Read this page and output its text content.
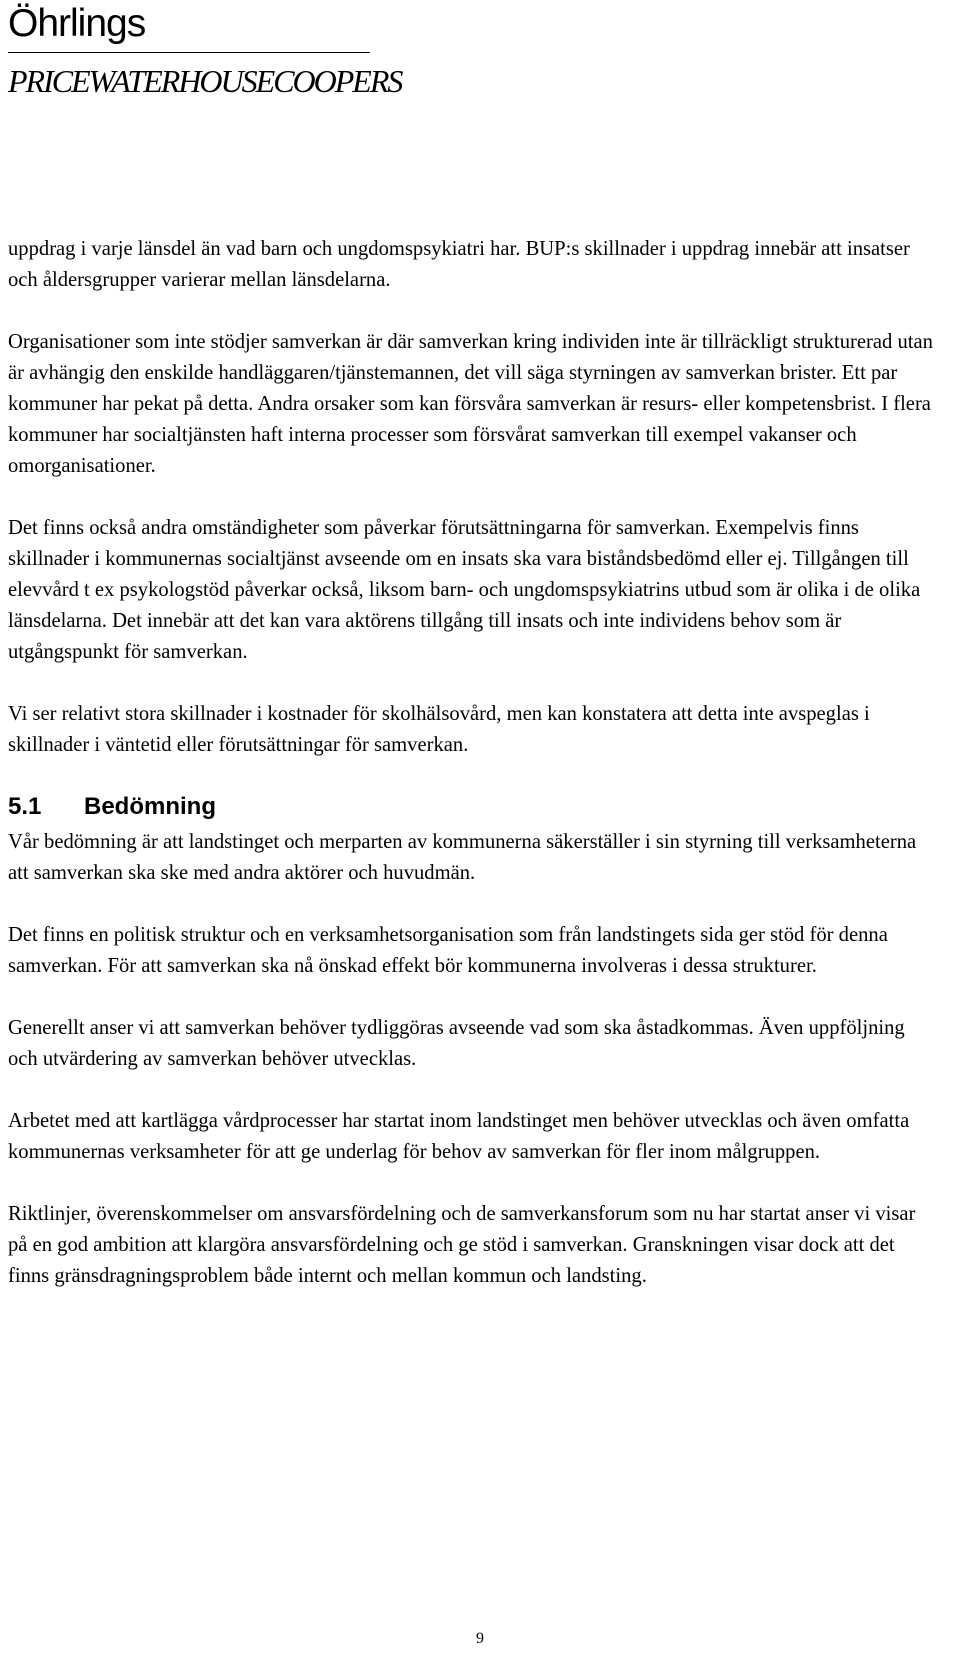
Öhrlings
PRICEWATERHOUSECOOPERS

uppdrag i varje länsdel än vad barn och ungdomspsykiatri har. BUP:s skillnader i uppdrag innebär att insatser och åldersgrupper varierar mellan länsdelarna.

Organisationer som inte stödjer samverkan är där samverkan kring individen inte är tillräckligt strukturerad utan är avhängig den enskilde handläggaren/tjänstemannen, det vill säga styrningen av samverkan brister. Ett par kommuner har pekat på detta. Andra orsaker som kan försvåra samverkan är resurs- eller kompetensbrist. I flera kommuner har socialtjänsten haft interna processer som försvårat samverkan till exempel vakanser och omorganisationer.

Det finns också andra omständigheter som påverkar förutsättningarna för samverkan. Exempelvis finns skillnader i kommunernas socialtjänst avseende om en insats ska vara biståndsbedömd eller ej. Tillgången till elevvård t ex psykologstöd påverkar också, liksom barn- och ungdomspsykiatrins utbud som är olika i de olika länsdelarna. Det innebär att det kan vara aktörens tillgång till insats och inte individens behov som är utgångspunkt för samverkan.

Vi ser relativt stora skillnader i kostnader för skolhälsovård, men kan konstatera att detta inte avspeglas i skillnader i väntetid eller förutsättningar för samverkan.

5.1	Bedömning

Vår bedömning är att landstinget och merparten av kommunerna säkerställer i sin styrning till verksamheterna att samverkan ska ske med andra aktörer och huvudmän.

Det finns en politisk struktur och en verksamhetsorganisation som från landstingets sida ger stöd för denna samverkan. För att samverkan ska nå önskad effekt bör kommunerna involveras i dessa strukturer.

Generellt anser vi att samverkan behöver tydliggöras avseende vad som ska åstadkommas. Även uppföljning och utvärdering av samverkan behöver utvecklas.

Arbetet med att kartlägga vårdprocesser har startat inom landstinget men behöver utvecklas och även omfatta kommunernas verksamheter för att ge underlag för behov av samverkan för fler inom målgruppen.

Riktlinjer, överenskommelser om ansvarsfördelning och de samverkansforum som nu har startat anser vi visar på en god ambition att klargöra ansvarsfördelning och ge stöd i samverkan. Granskningen visar dock att det finns gränsdragningsproblem både internt och mellan kommun och landsting.

9
